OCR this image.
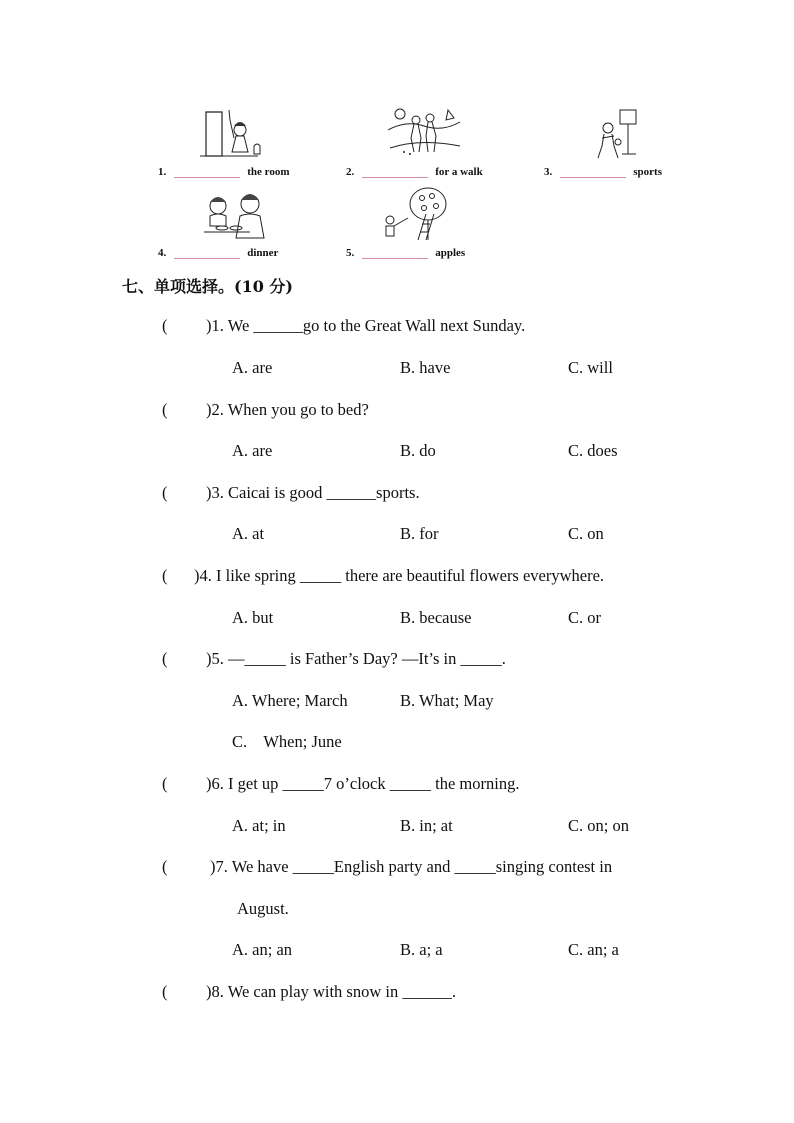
1.	the room	2.	for a walk	3.	sports
4.	dinner	5.	apples
七、单项选择。(10 分)
( )1. We ______go to the Great Wall next Sunday.
A. are	B. have	C. will
( )2. When you go to bed?
A. are	B. do	C. does
( )3. Caicai is good ______sports.
A. at	B. for	C. on
( )4. I like spring _____ there are beautiful flowers everywhere.
A. but	B. because	C. or
( )5. —_____ is Father’s Day? —It’s in _____.
A. Where; March	B. What; May
C.    When; June
( )6. I get up _____7 o’clock _____ the morning.
A. at; in	B. in; at	C. on; on
(	)7. We have _____English party and _____singing contest in
August.
A. an; an	B. a; a	C. an; a
( )8. We can play with snow in ______.
